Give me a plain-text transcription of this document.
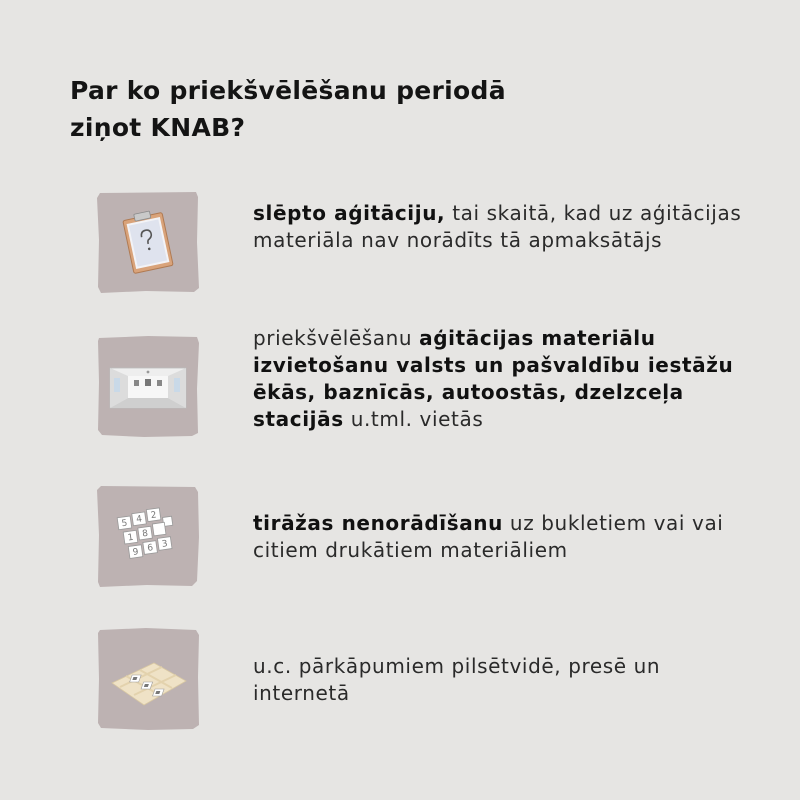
Par ko priekšvēlēšanu periodā
ziņot KNAB?
slēpto aģitāciju, tai skaitā, kad uz aģitācijas materiāla nav norādīts tā apmaksātājs
priekšvēlēšanu aģitācijas materiālu izvietošanu valsts un pašvaldību iestāžu ēkās, baznīcās, autoostās, dzelzceļa stacijās u.tml. vietās
5 4 2
1 8
9 6 3
tirāžas nenorādīšanu uz bukletiem vai vai citiem drukātiem materiāliem
u.c. pārkāpumiem pilsētvidē, presē un internetā
